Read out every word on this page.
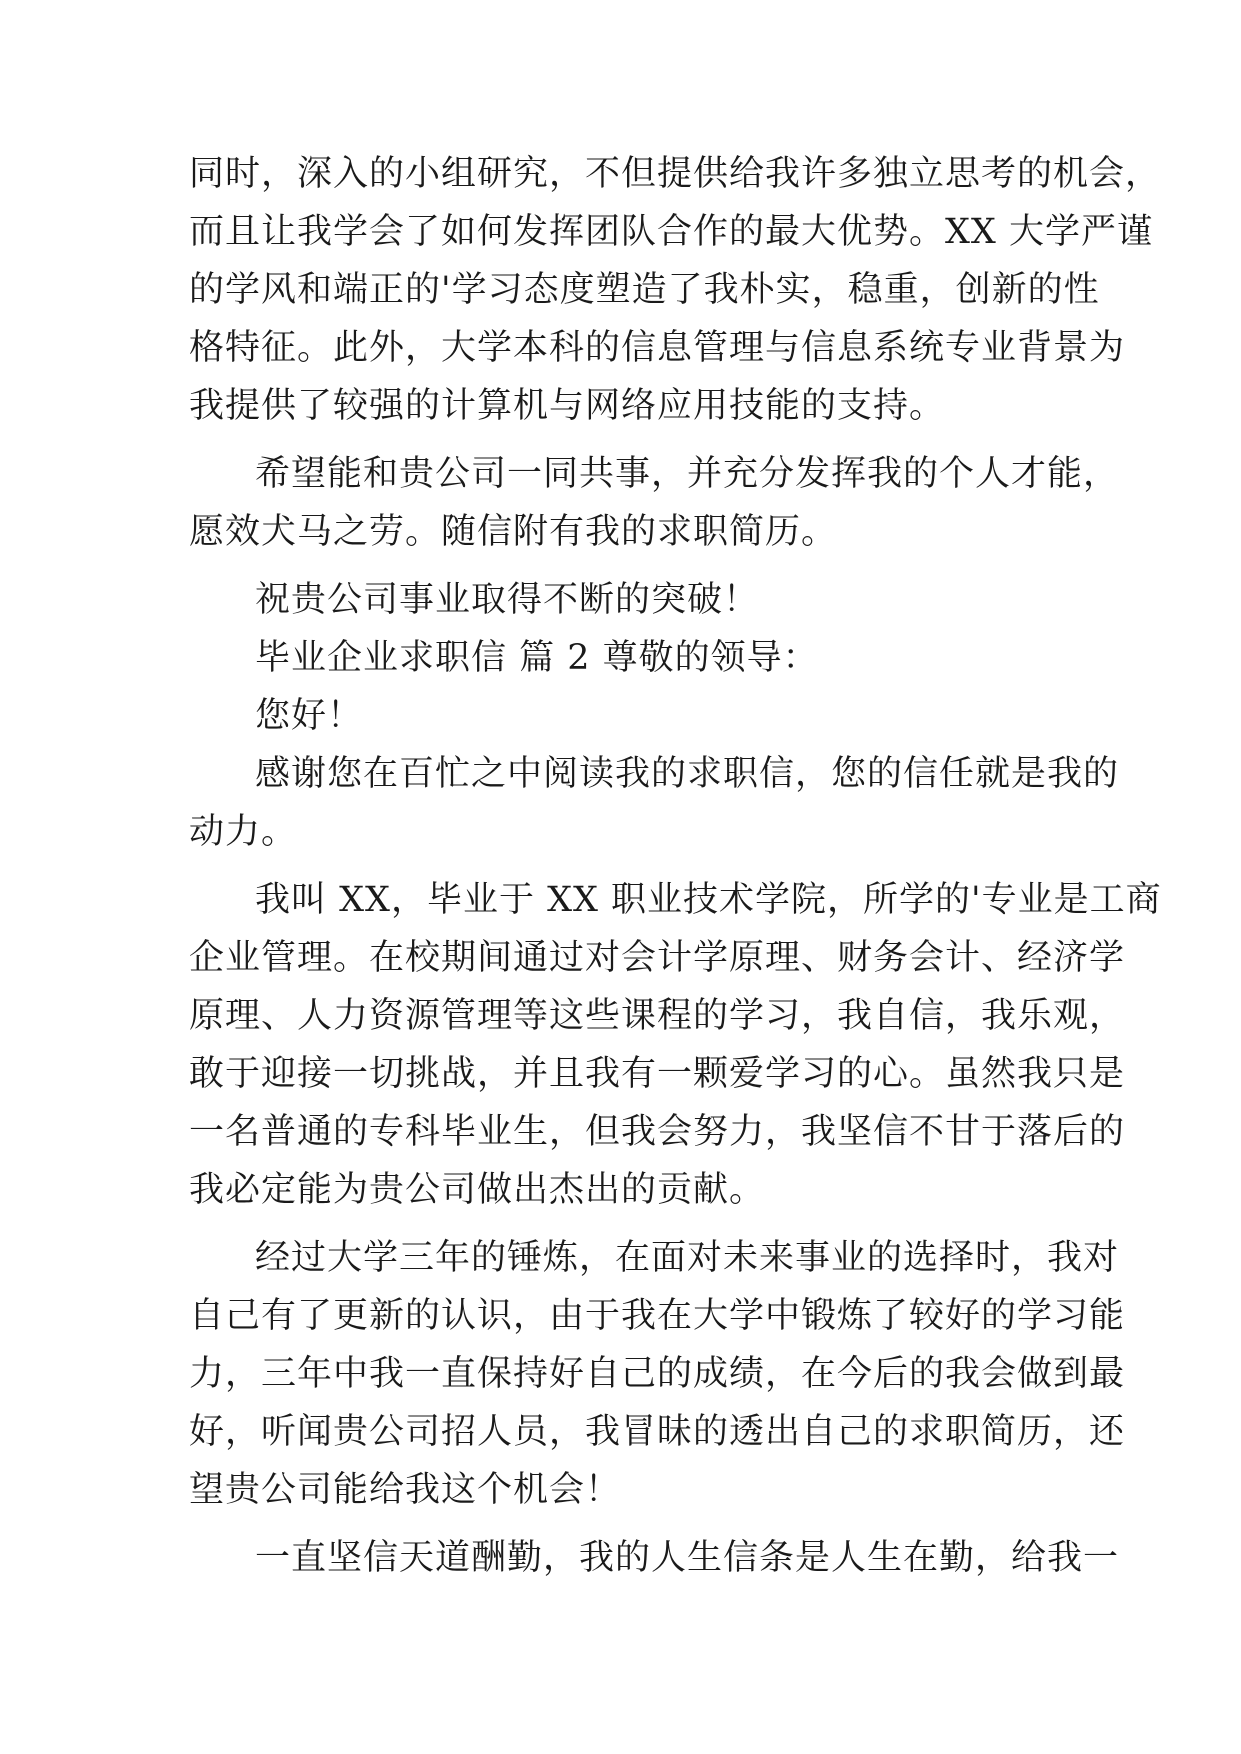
同时，深入的小组研究，不但提供给我许多独立思考的机会，

而且让我学会了如何发挥团队合作的最大优势。XX 大学严谨

的学风和端正的'学习态度塑造了我朴实，稳重，创新的性

格特征。此外，大学本科的信息管理与信息系统专业背景为

我提供了较强的计算机与网络应用技能的支持。

希望能和贵公司一同共事，并充分发挥我的个人才能，

愿效犬马之劳。随信附有我的求职简历。

祝贵公司事业取得不断的突破！

毕业企业求职信 篇 2 尊敬的领导：

您好！

感谢您在百忙之中阅读我的求职信，您的信任就是我的

动力。

我叫 XX，毕业于 XX 职业技术学院，所学的'专业是工商

企业管理。在校期间通过对会计学原理、财务会计、经济学

原理、人力资源管理等这些课程的学习，我自信，我乐观，

敢于迎接一切挑战，并且我有一颗爱学习的心。虽然我只是

一名普通的专科毕业生，但我会努力，我坚信不甘于落后的

我必定能为贵公司做出杰出的贡献。

经过大学三年的锤炼，在面对未来事业的选择时，我对

自己有了更新的认识，由于我在大学中锻炼了较好的学习能

力，三年中我一直保持好自己的成绩，在今后的我会做到最

好，听闻贵公司招人员，我冒昧的透出自己的求职简历，还

望贵公司能给我这个机会！

一直坚信天道酬勤，我的人生信条是人生在勤，给我一
